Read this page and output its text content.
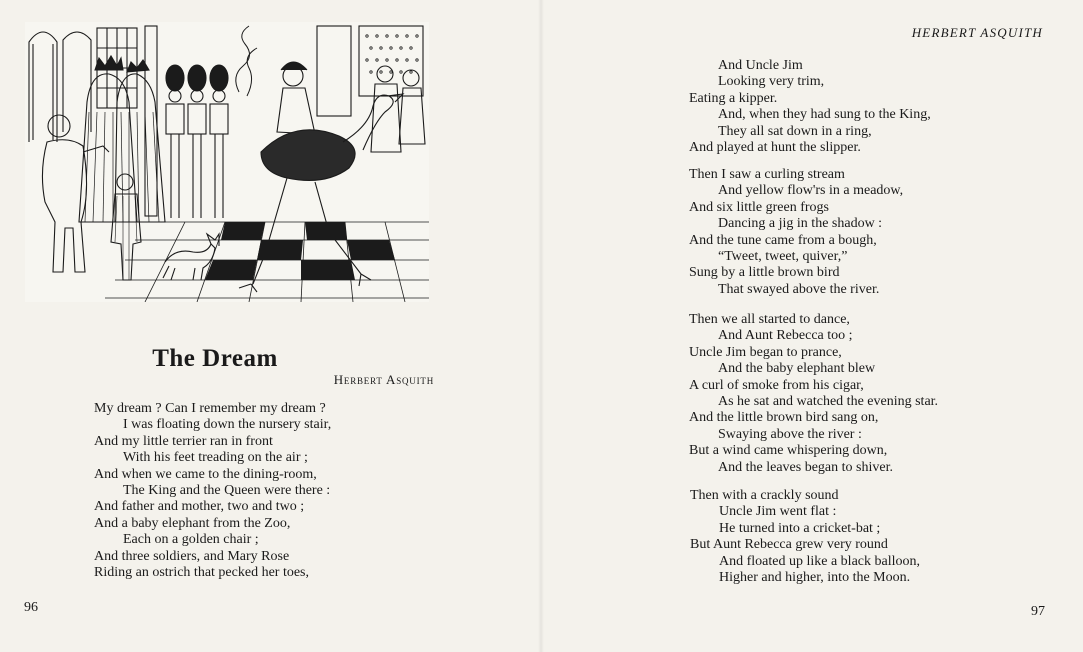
The Dream
Herbert Asquith
My dream ? Can I remember my dream ?
I was floating down the nursery stair,
And my little terrier ran in front
With his feet treading on the air ;
And when we came to the dining-room,
The King and the Queen were there :
And father and mother, two and two ;
And a baby elephant from the Zoo,
Each on a golden chair ;
And three soldiers, and Mary Rose
Riding an ostrich that pecked her toes,
96
HERBERT ASQUITH
And Uncle Jim
Looking very trim,
Eating a kipper.
And, when they had sung to the King,
They all sat down in a ring,
And played at hunt the slipper.
Then I saw a curling stream
And yellow flow'rs in a meadow,
And six little green frogs
Dancing a jig in the shadow :
And the tune came from a bough,
“Tweet, tweet, quiver,”
Sung by a little brown bird
That swayed above the river.
Then we all started to dance,
And Aunt Rebecca too ;
Uncle Jim began to prance,
And the baby elephant blew
A curl of smoke from his cigar,
As he sat and watched the evening star.
And the little brown bird sang on,
Swaying above the river :
But a wind came whispering down,
And the leaves began to shiver.
Then with a crackly sound
Uncle Jim went flat :
He turned into a cricket-bat ;
But Aunt Rebecca grew very round
And floated up like a black balloon,
Higher and higher, into the Moon.
97
